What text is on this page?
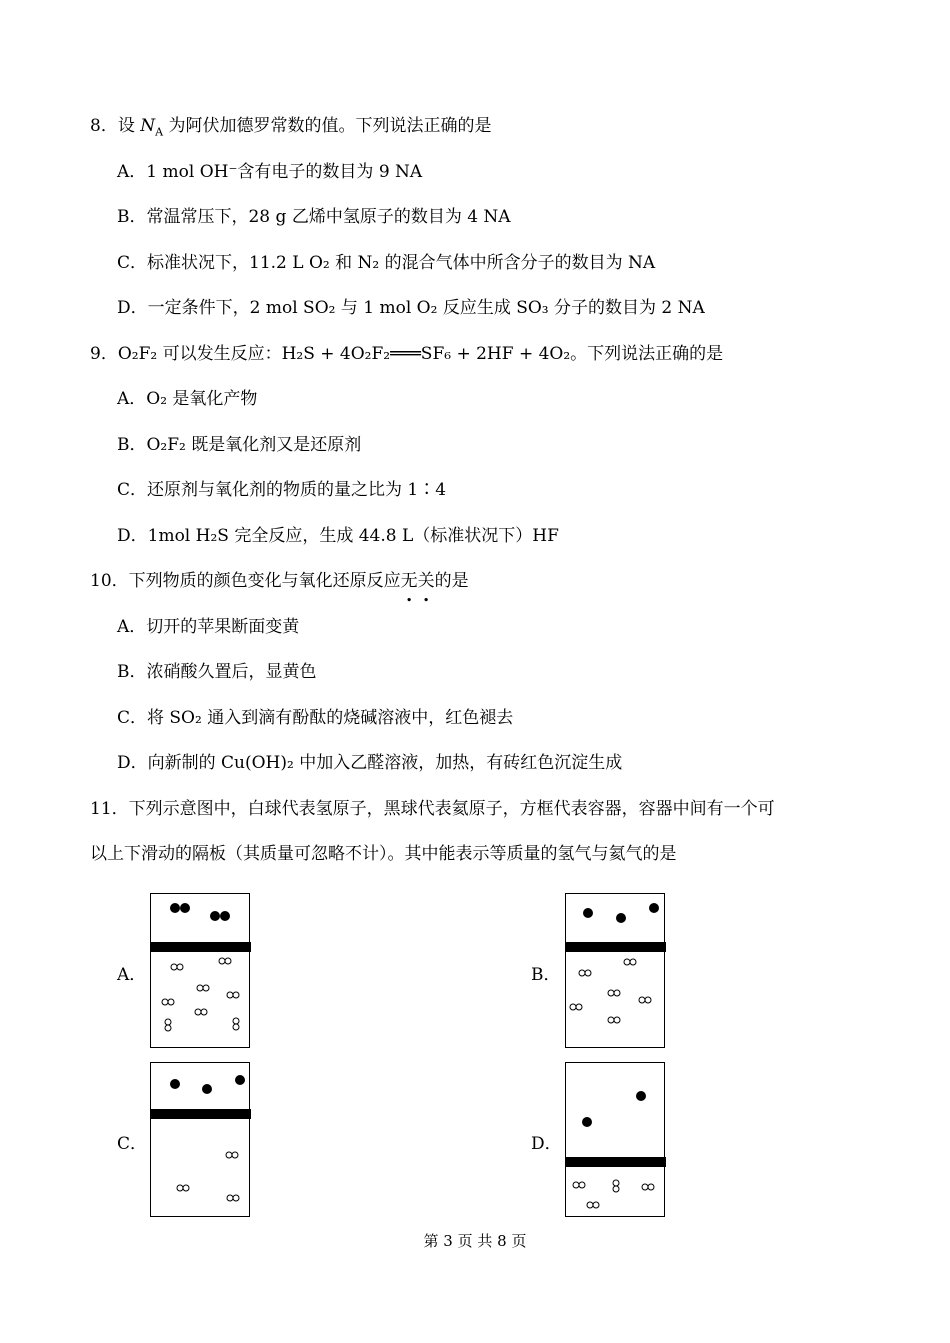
8．设 $N_A$ 为阿伏加德罗常数的值。下列说法正确的是
A．1 mol OH⁻含有电子的数目为 9 NA
B．常温常压下，28 g 乙烯中氢原子的数目为 4 NA
C．标准状况下，11.2 L O₂ 和 N₂ 的混合气体中所含分子的数目为 NA
D．一定条件下，2 mol SO₂ 与 1 mol O₂ 反应生成 SO₃ 分子的数目为 2 NA
9．O₂F₂ 可以发生反应：H₂S + 4O₂F₂═══SF₆ + 2HF + 4O₂。下列说法正确的是
A．O₂ 是氧化产物
B．O₂F₂ 既是氧化剂又是还原剂
C．还原剂与氧化剂的物质的量之比为 1∶4
D．1mol H₂S 完全反应，生成 44.8 L（标准状况下）HF
10．下列物质的颜色变化与氧化还原反应无关的是
A．切开的苹果断面变黄
B．浓硝酸久置后，显黄色
C．将 SO₂ 通入到滴有酚酞的烧碱溶液中，红色褪去
D．向新制的 Cu(OH)₂ 中加入乙醛溶液，加热，有砖红色沉淀生成
11．下列示意图中，白球代表氢原子，黑球代表氦原子，方框代表容器，容器中间有一个可
以上下滑动的隔板（其质量可忽略不计）。其中能表示等质量的氢气与氦气的是
A．	B．
C．	D．
第 3 页 共 8 页
